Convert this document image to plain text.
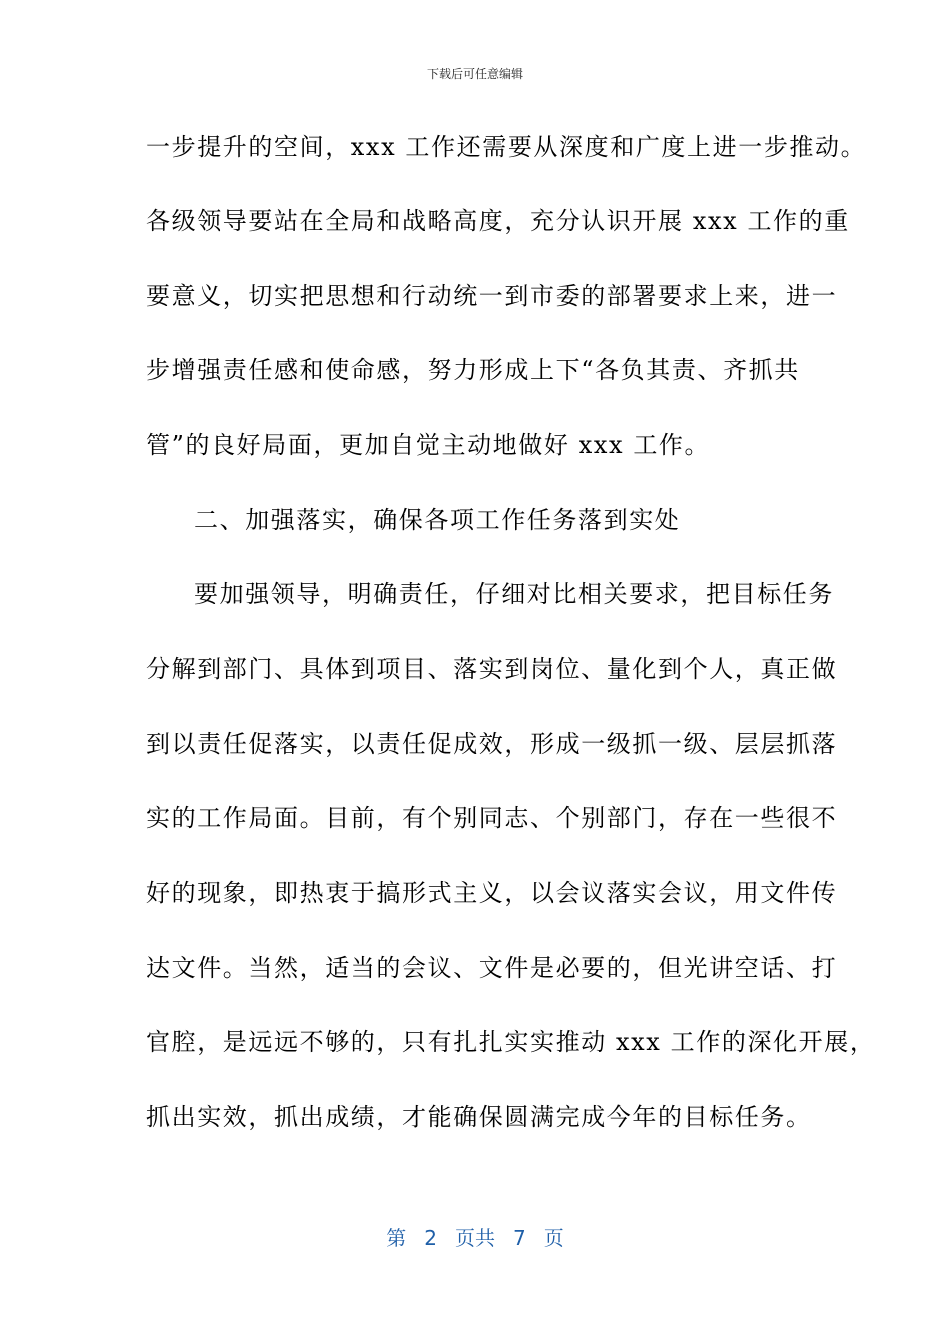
下载后可任意编辑
一步提升的空间，xxx 工作还需要从深度和广度上进一步推动。
各级领导要站在全局和战略高度，充分认识开展 xxx 工作的重
要意义，切实把思想和行动统一到市委的部署要求上来，进一
步增强责任感和使命感，努力形成上下“各负其责、齐抓共
管”的良好局面，更加自觉主动地做好 xxx 工作。
二、加强落实，确保各项工作任务落到实处
要加强领导，明确责任，仔细对比相关要求，把目标任务
分解到部门、具体到项目、落实到岗位、量化到个人，真正做
到以责任促落实，以责任促成效，形成一级抓一级、层层抓落
实的工作局面。目前，有个别同志、个别部门，存在一些很不
好的现象，即热衷于搞形式主义，以会议落实会议，用文件传
达文件。当然，适当的会议、文件是必要的，但光讲空话、打
官腔，是远远不够的，只有扎扎实实推动 xxx 工作的深化开展，
抓出实效，抓出成绩，才能确保圆满完成今年的目标任务。
第 2 页共 7 页
